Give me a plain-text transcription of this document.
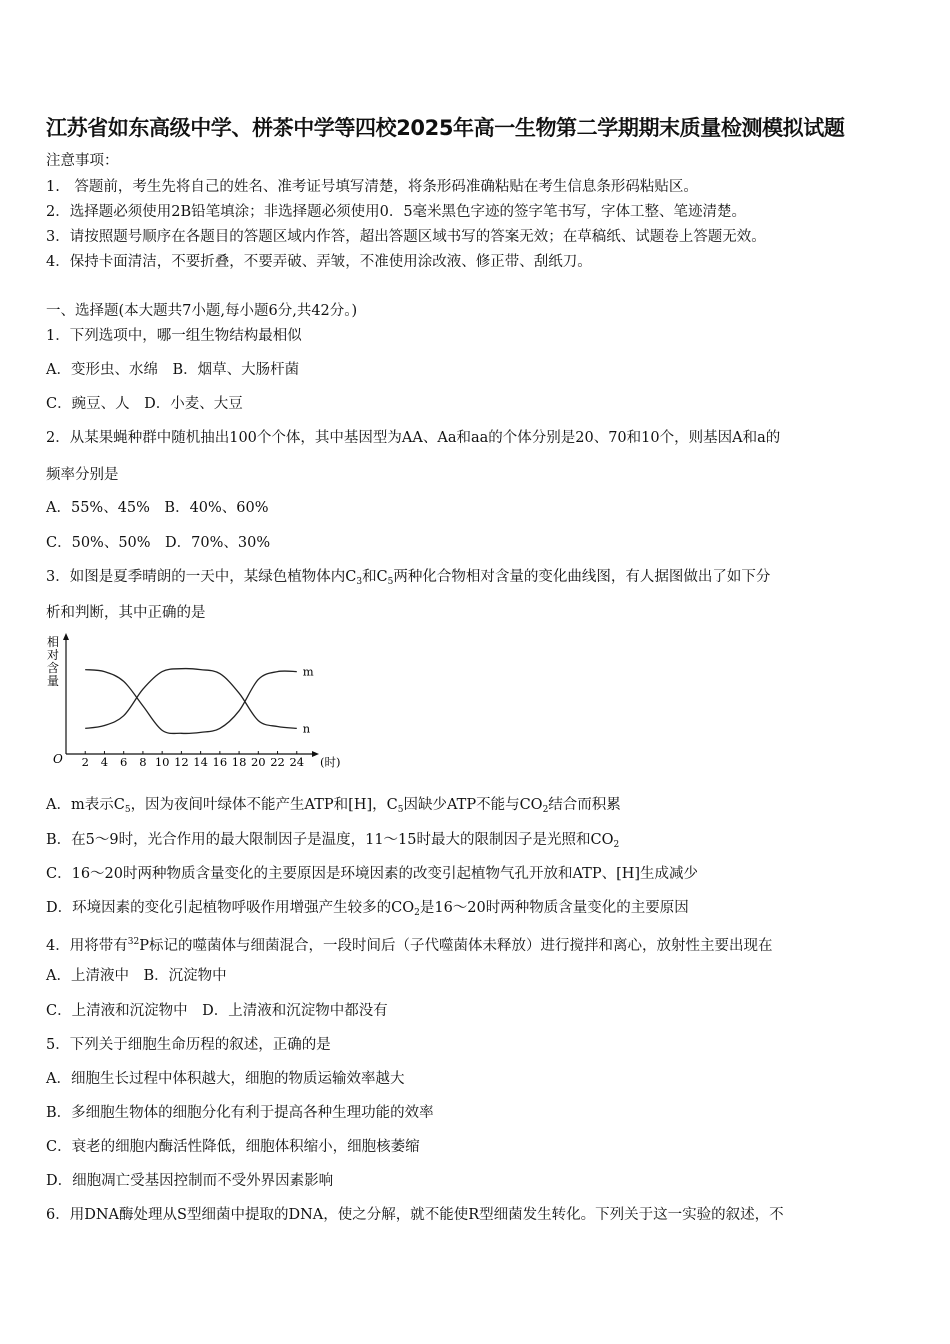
江苏省如东高级中学、栟茶中学等四校2025年高一生物第二学期期末质量检测模拟试题
注意事项：
1.　答题前，考生先将自己的姓名、准考证号填写清楚，将条形码准确粘贴在考生信息条形码粘贴区。
2．选择题必须使用2B铅笔填涂；非选择题必须使用0．5毫米黑色字迹的签字笔书写，字体工整、笔迹清楚。
3．请按照题号顺序在各题目的答题区域内作答，超出答题区域书写的答案无效；在草稿纸、试题卷上答题无效。
4．保持卡面清洁，不要折叠，不要弄破、弄皱，不准使用涂改液、修正带、刮纸刀。
一、选择题(本大题共7小题,每小题6分,共42分。)
1．下列选项中，哪一组生物结构最相似
A．变形虫、水绵　B．烟草、大肠杆菌
C．豌豆、人　D．小麦、大豆
2．从某果蝇种群中随机抽出100个个体，其中基因型为AA、Aa和aa的个体分别是20、70和10个，则基因A和a的
频率分别是
A．55%、45%　B．40%、60%
C．50%、50%　D．70%、30%
3．如图是夏季晴朗的一天中，某绿色植物体内$C_3$和$C_5$两种化合物相对含量的变化曲线图，有人据图做出了如下分
析和判断，其中正确的是
相对含量
O 2 4 6 8 10 12 14 16 18 20 22 24 (时)
m
n
A．m表示$C_5$，因为夜间叶绿体不能产生ATP和[H]，$C_5$因缺少ATP不能与$CO_2$结合而积累
B．在5～9时，光合作用的最大限制因子是温度，11～15时最大的限制因子是光照和$CO_2$
C．16～20时两种物质含量变化的主要原因是环境因素的改变引起植物气孔开放和ATP、[H]生成减少
D．环境因素的变化引起植物呼吸作用增强产生较多的$CO_2$是16～20时两种物质含量变化的主要原因
4．用将带有$^{32}$P标记的噬菌体与细菌混合，一段时间后（子代噬菌体未释放）进行搅拌和离心，放射性主要出现在
A．上清液中　B．沉淀物中
C．上清液和沉淀物中　D．上清液和沉淀物中都没有
5．下列关于细胞生命历程的叙述，正确的是
A．细胞生长过程中体积越大，细胞的物质运输效率越大
B．多细胞生物体的细胞分化有利于提高各种生理功能的效率
C．衰老的细胞内酶活性降低，细胞体积缩小，细胞核萎缩
D．细胞凋亡受基因控制而不受外界因素影响
6．用DNA酶处理从S型细菌中提取的DNA，使之分解，就不能使R型细菌发生转化。下列关于这一实验的叙述，不
